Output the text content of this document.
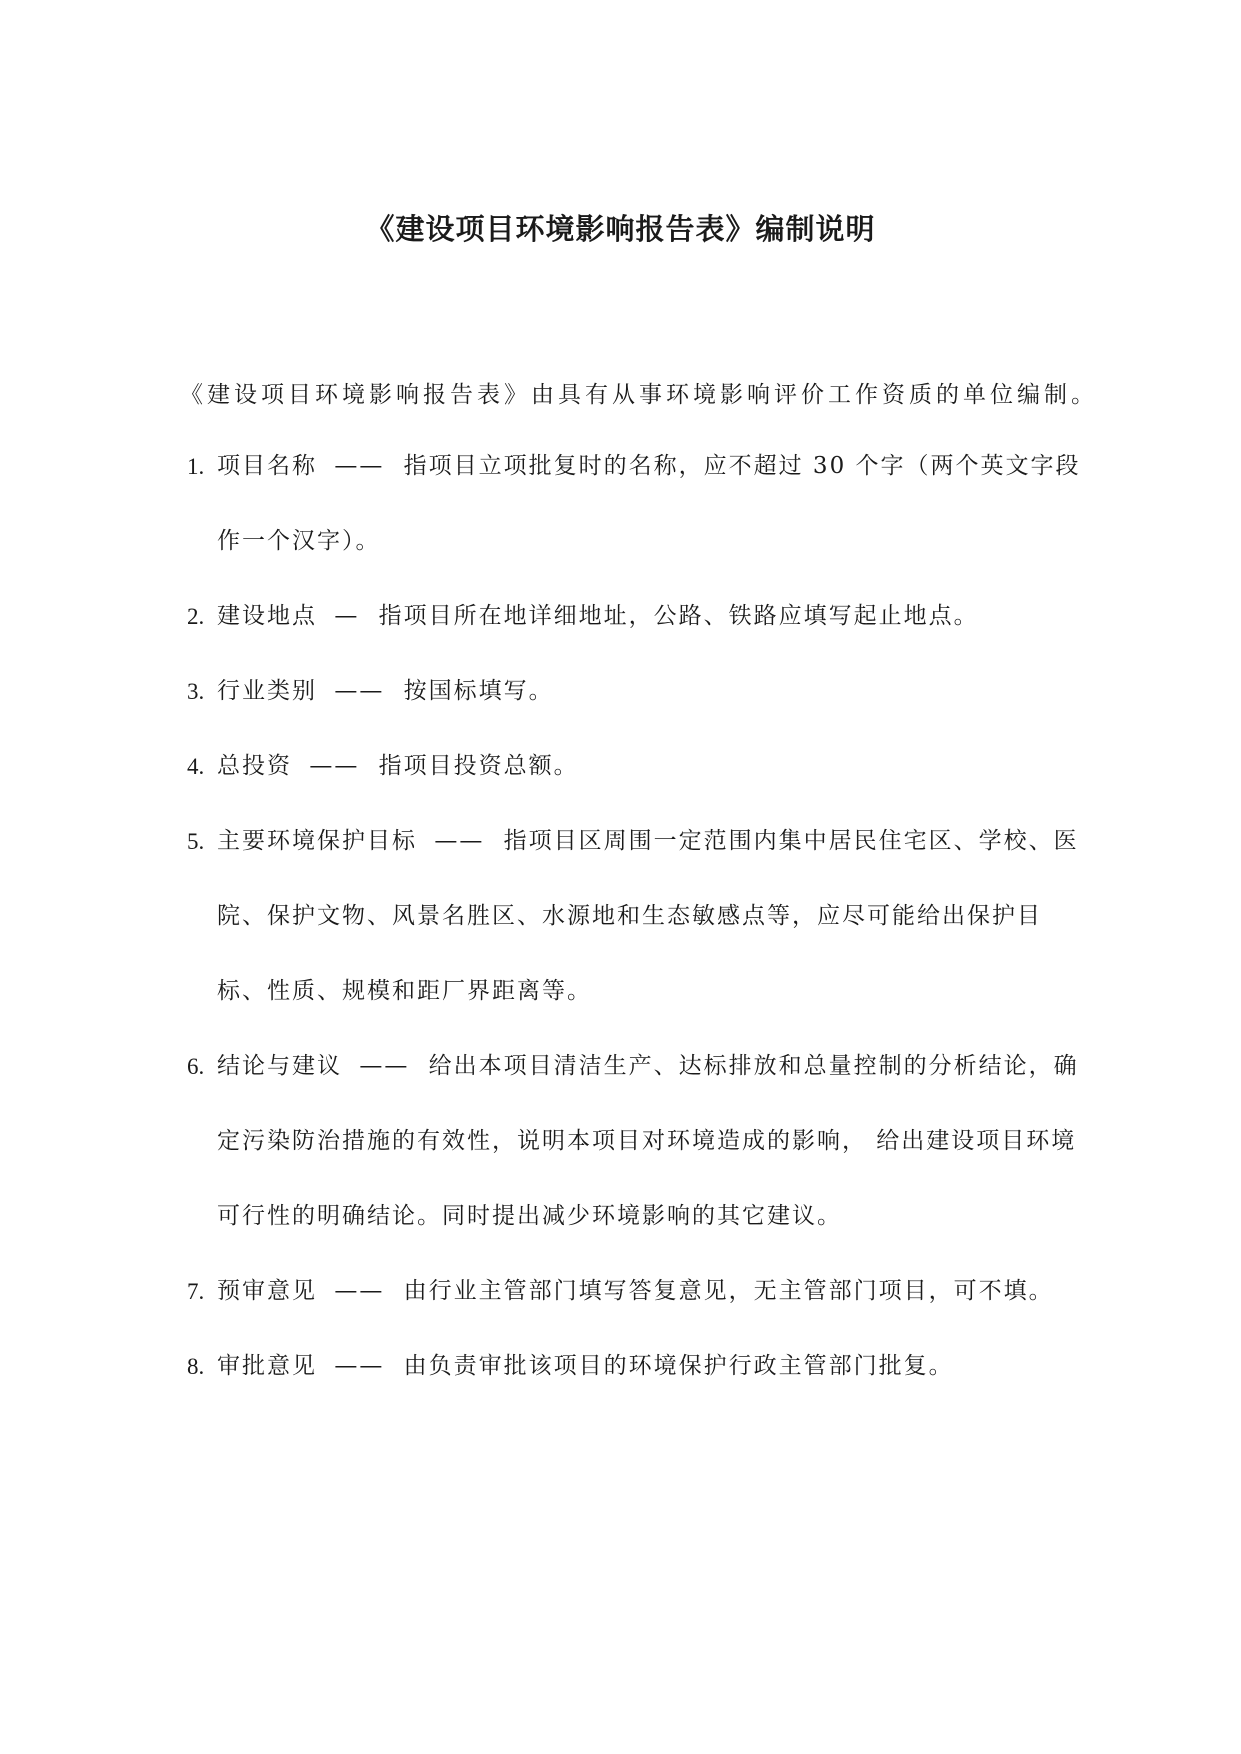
《建设项目环境影响报告表》编制说明

《建设项目环境影响报告表》由具有从事环境影响评价工作资质的单位编制。

1. 项目名称 —— 指项目立项批复时的名称，应不超过 30 个字（两个英文字段作一个汉字）。
2. 建设地点 — 指项目所在地详细地址，公路、铁路应填写起止地点。
3. 行业类别 —— 按国标填写。
4. 总投资 —— 指项目投资总额。
5. 主要环境保护目标 —— 指项目区周围一定范围内集中居民住宅区、学校、医院、保护文物、风景名胜区、水源地和生态敏感点等，应尽可能给出保护目标、性质、规模和距厂界距离等。
6. 结论与建议 —— 给出本项目清洁生产、达标排放和总量控制的分析结论，确定污染防治措施的有效性，说明本项目对环境造成的影响， 给出建设项目环境可行性的明确结论。同时提出减少环境影响的其它建议。
7. 预审意见 —— 由行业主管部门填写答复意见，无主管部门项目，可不填。
8. 审批意见 —— 由负责审批该项目的环境保护行政主管部门批复。
